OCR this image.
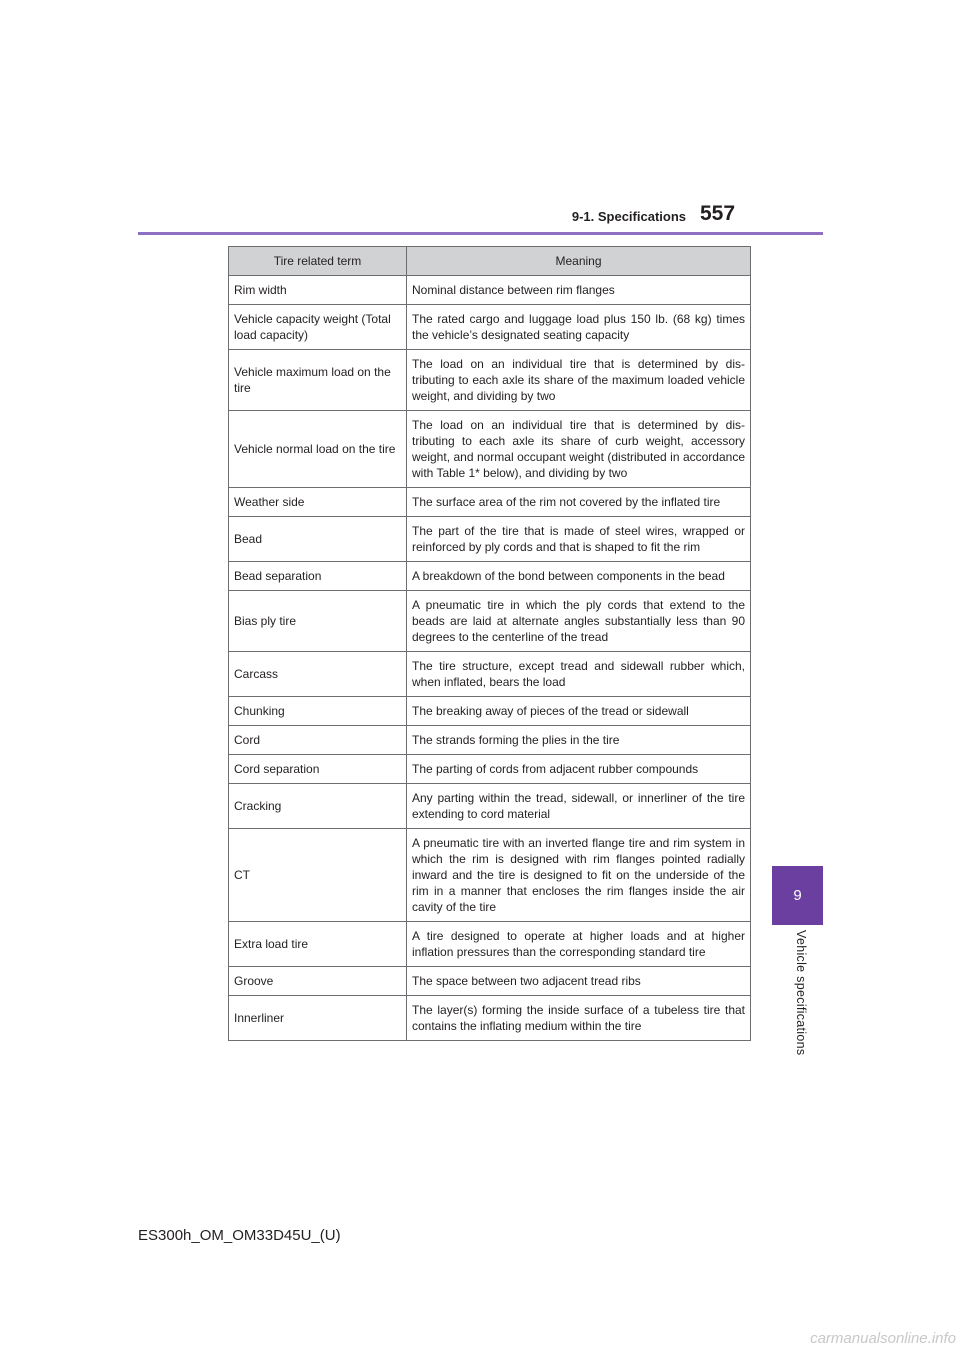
9-1. Specifications 557
9
Vehicle specifications
Tire related term	Meaning
Rim width	Nominal distance between rim flanges
Vehicle capacity weight (Total load capacity)	The rated cargo and luggage load plus 150 lb. (68 kg) times the vehicle’s designated seating capacity
Vehicle maximum load on the tire	The load on an individual tire that is determined by dis-tributing to each axle its share of the maximum loaded vehicle weight, and dividing by two
Vehicle normal load on the tire	The load on an individual tire that is determined by dis-tributing to each axle its share of curb weight, accessory weight, and normal occupant weight (distributed in accordance with Table 1* below), and dividing by two
Weather side	The surface area of the rim not covered by the inflated tire
Bead	The part of the tire that is made of steel wires, wrapped or reinforced by ply cords and that is shaped to fit the rim
Bead separation	A breakdown of the bond between components in the bead
Bias ply tire	A pneumatic tire in which the ply cords that extend to the beads are laid at alternate angles substantially less than 90 degrees to the centerline of the tread
Carcass	The tire structure, except tread and sidewall rubber which, when inflated, bears the load
Chunking	The breaking away of pieces of the tread or sidewall
Cord	The strands forming the plies in the tire
Cord separation	The parting of cords from adjacent rubber compounds
Cracking	Any parting within the tread, sidewall, or innerliner of the tire extending to cord material
CT	A pneumatic tire with an inverted flange tire and rim system in which the rim is designed with rim flanges pointed radially inward and the tire is designed to fit on the underside of the rim in a manner that encloses the rim flanges inside the air cavity of the tire
Extra load tire	A tire designed to operate at higher loads and at higher inflation pressures than the corresponding standard tire
Groove	The space between two adjacent tread ribs
Innerliner	The layer(s) forming the inside surface of a tubeless tire that contains the inflating medium within the tire
ES300h_OM_OM33D45U_(U)
carmanualsonline.info
